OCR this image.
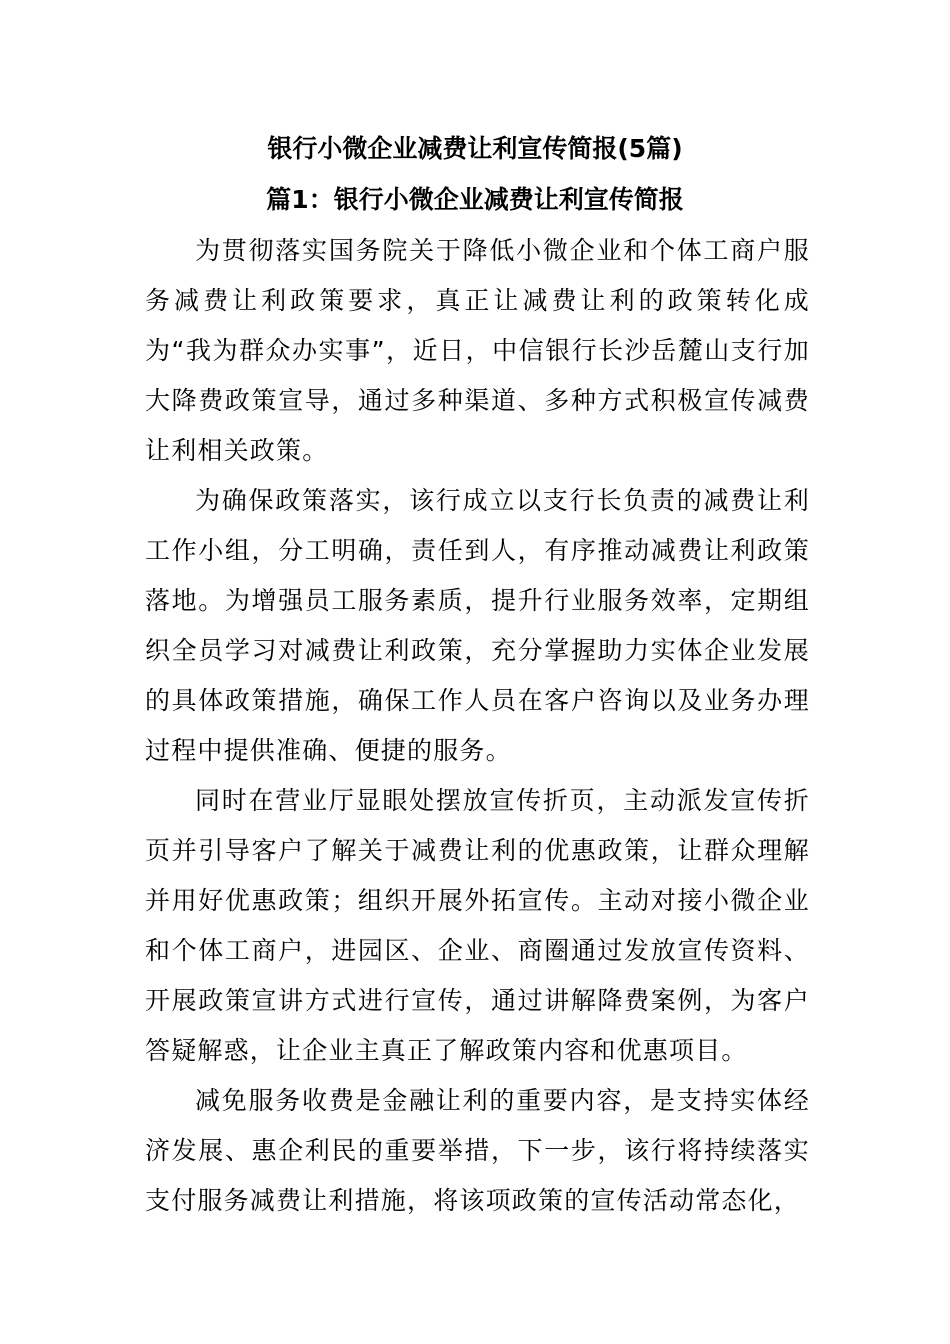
银行小微企业减费让利宣传简报(5篇)
篇1：银行小微企业减费让利宣传简报

为贯彻落实国务院关于降低小微企业和个体工商户服务减费让利政策要求，真正让减费让利的政策转化成为“我为群众办实事”，近日，中信银行长沙岳麓山支行加大降费政策宣导，通过多种渠道、多种方式积极宣传减费让利相关政策。

为确保政策落实，该行成立以支行长负责的减费让利工作小组，分工明确，责任到人，有序推动减费让利政策落地。为增强员工服务素质，提升行业服务效率，定期组织全员学习对减费让利政策，充分掌握助力实体企业发展的具体政策措施，确保工作人员在客户咨询以及业务办理过程中提供准确、便捷的服务。

同时在营业厅显眼处摆放宣传折页，主动派发宣传折页并引导客户了解关于减费让利的优惠政策，让群众理解并用好优惠政策；组织开展外拓宣传。主动对接小微企业和个体工商户，进园区、企业、商圈通过发放宣传资料、开展政策宣讲方式进行宣传，通过讲解降费案例，为客户答疑解惑，让企业主真正了解政策内容和优惠项目。

减免服务收费是金融让利的重要内容，是支持实体经济发展、惠企利民的重要举措，下一步，该行将持续落实支付服务减费让利措施，将该项政策的宣传活动常态化，
